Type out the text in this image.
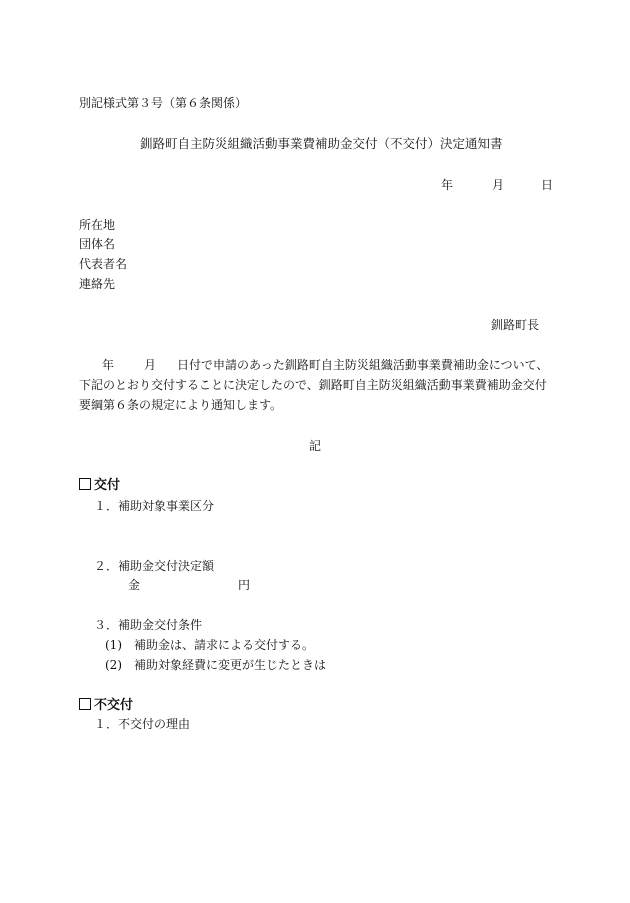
別記様式第３号（第６条関係）
釧路町自主防災組織活動事業費補助金交付（不交付）決定通知書
年	月	日
所在地
団体名
代表者名
連絡先
釧路町長
年 月 日付で申請のあった釧路町自主防災組織活動事業費補助金について、
下記のとおり交付することに決定したので、釧路町自主防災組織活動事業費補助金交付
要綱第６条の規定により通知します。
記
交付
１．補助対象事業区分
２．補助金交付決定額
金	円
３．補助金交付条件
(1) 補助金は、請求による交付する。
(2) 補助対象経費に変更が生じたときは
不交付
１．不交付の理由
